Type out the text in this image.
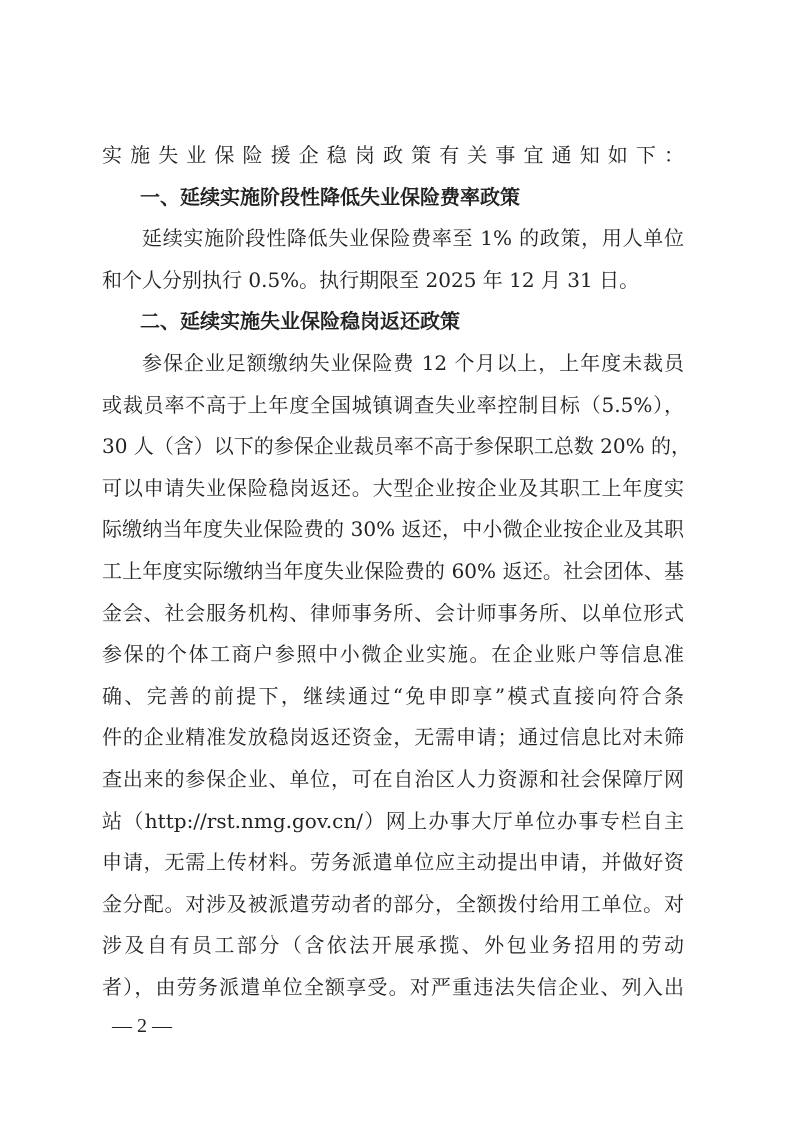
实施失业保险援企稳岗政策有关事宜通知如下：
一、延续实施阶段性降低失业保险费率政策
延续实施阶段性降低失业保险费率至 1% 的政策，用人单位
和个人分别执行 0.5%。执行期限至 2025 年 12 月 31 日。
二、延续实施失业保险稳岗返还政策
参保企业足额缴纳失业保险费 12 个月以上，上年度未裁员
或裁员率不高于上年度全国城镇调查失业率控制目标（5.5%），
30 人（含）以下的参保企业裁员率不高于参保职工总数 20% 的，
可以申请失业保险稳岗返还。大型企业按企业及其职工上年度实
际缴纳当年度失业保险费的 30% 返还，中小微企业按企业及其职
工上年度实际缴纳当年度失业保险费的 60% 返还。社会团体、基
金会、社会服务机构、律师事务所、会计师事务所、以单位形式
参保的个体工商户参照中小微企业实施。在企业账户等信息准
确、完善的前提下，继续通过“免申即享”模式直接向符合条
件的企业精准发放稳岗返还资金，无需申请；通过信息比对未筛
查出来的参保企业、单位，可在自治区人力资源和社会保障厅网
站（http://rst.nmg.gov.cn/）网上办事大厅单位办事专栏自主
申请，无需上传材料。劳务派遣单位应主动提出申请，并做好资
金分配。对涉及被派遣劳动者的部分，全额拨付给用工单位。对
涉及自有员工部分（含依法开展承揽、外包业务招用的劳动
者），由劳务派遣单位全额享受。对严重违法失信企业、列入出
— 2 —
